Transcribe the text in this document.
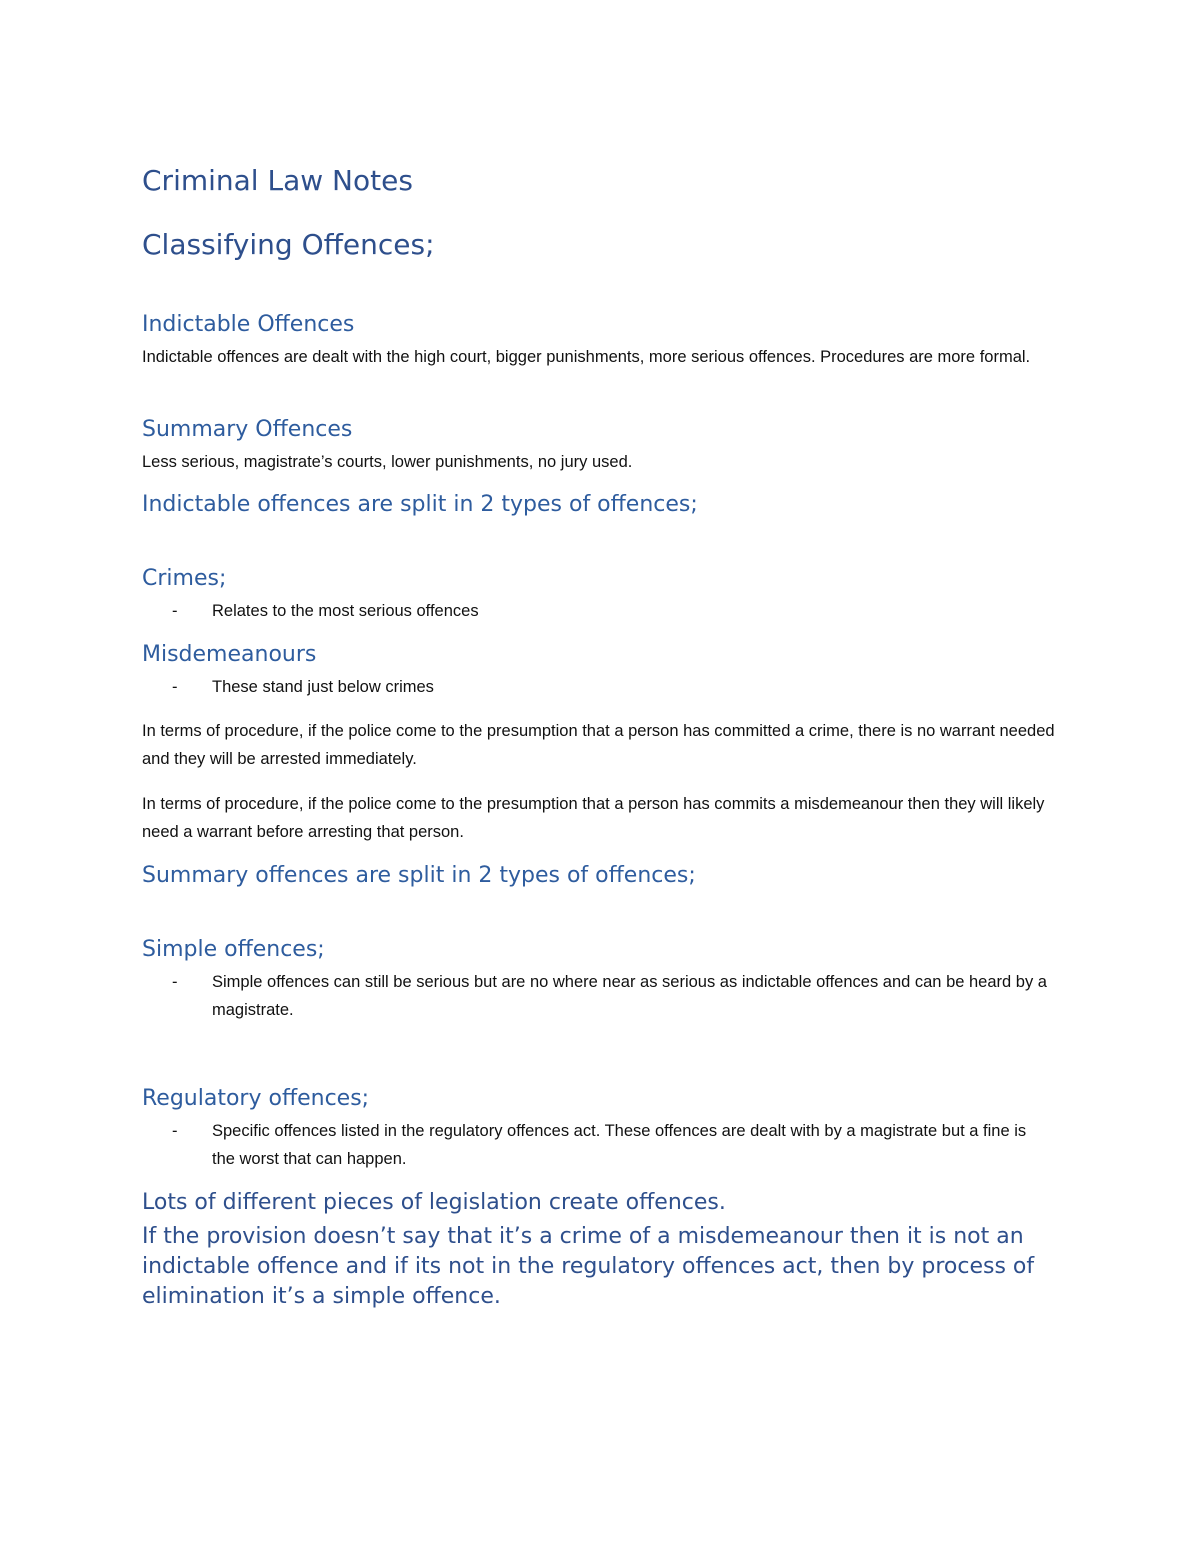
Criminal Law Notes
Classifying Offences;
Indictable Offences

Indictable offences are dealt with the high court, bigger punishments, more serious offences. Procedures are more formal.

Summary Offences

Less serious, magistrate’s courts, lower punishments, no jury used.

Indictable offences are split in 2 types of offences;
Crimes;
- Relates to the most serious offences
Misdemeanours
- These stand just below crimes

In terms of procedure, if the police come to the presumption that a person has committed a crime, there is no warrant needed and they will be arrested immediately.

In terms of procedure, if the police come to the presumption that a person has commits a misdemeanour then they will likely need a warrant before arresting that person.

Summary offences are split in 2 types of offences;
Simple offences;
- Simple offences can still be serious but are no where near as serious as indictable offences and can be heard by a magistrate.
Regulatory offences;
- Specific offences listed in the regulatory offences act. These offences are dealt with by a magistrate but a fine is the worst that can happen.

Lots of different pieces of legislation create offences.

If the provision doesn’t say that it’s a crime of a misdemeanour then it is not an indictable offence and if its not in the regulatory offences act, then by process of elimination it’s a simple offence.
